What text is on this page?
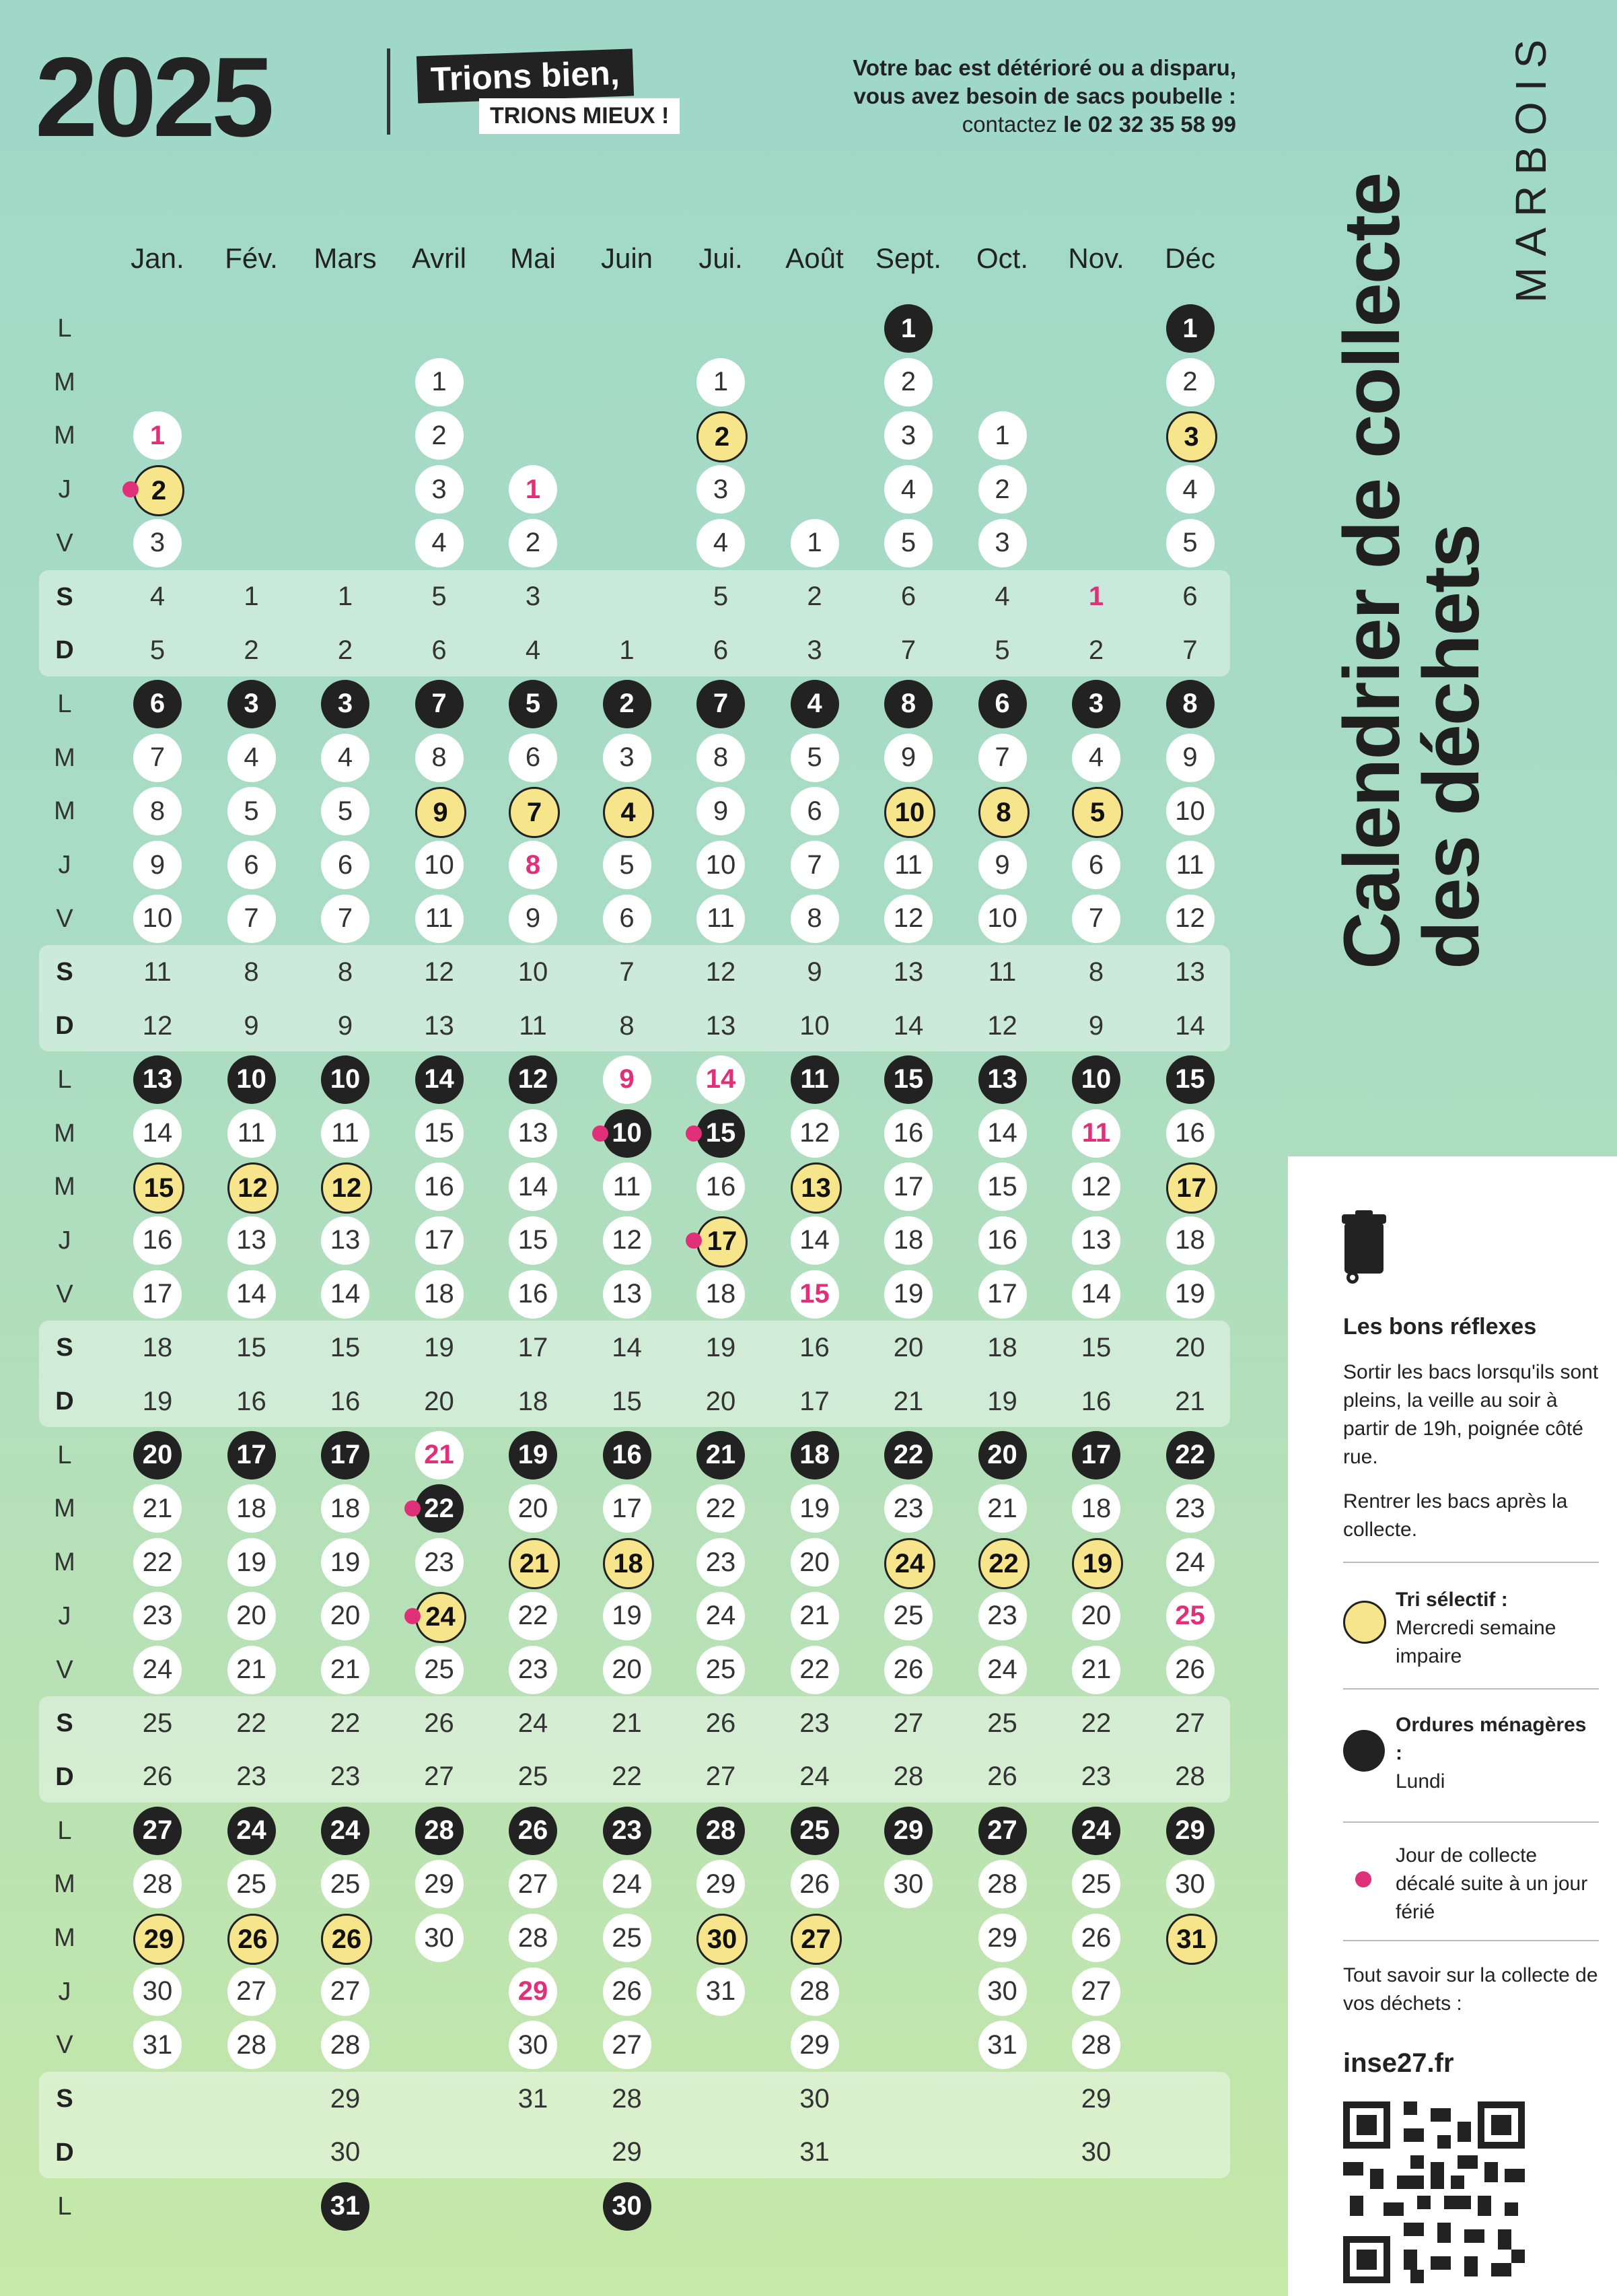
2025	Trions bien,
TRIONS MIEUX !
Votre bac est détérioré ou a disparu,
vous avez besoin de sacs poubelle :
contactez le 02 32 35 58 99
Calendrier de collecte
des déchets
MARBOIS
L
M
M
J
V
S
D
L
M
M
J
V
S
D
L
M
M
J
V
S
D
L
M
M
J
V
S
D
L
M
M
J
V
S
D
L
Jan.
1
2
3
4
5
6
7
8
9
10
11
12
13
14
15
16
17
18
19
20
21
22
23
24
25
26
27
28
29
30
31
Fév.
1
2
3
4
5
6
7
8
9
10
11
12
13
14
15
16
17
18
19
20
21
22
23
24
25
26
27
28
Mars
1
2
3
4
5
6
7
8
9
10
11
12
13
14
15
16
17
18
19
20
21
22
23
24
25
26
27
28
29
30
31
Avril
1
2
3
4
5
6
7
8
9
10
11
12
13
14
15
16
17
18
19
20
21
22
23
24
25
26
27
28
29
30
Mai
1
2
3
4
5
6
7
8
9
10
11
12
13
14
15
16
17
18
19
20
21
22
23
24
25
26
27
28
29
30
31
Juin
1
2
3
4
5
6
7
8
9
10
11
12
13
14
15
16
17
18
19
20
21
22
23
24
25
26
27
28
29
30
Jui.
1
2
3
4
5
6
7
8
9
10
11
12
13
14
15
16
17
18
19
20
21
22
23
24
25
26
27
28
29
30
31
Août
1
2
3
4
5
6
7
8
9
10
11
12
13
14
15
16
17
18
19
20
21
22
23
24
25
26
27
28
29
30
31
Sept.
1
2
3
4
5
6
7
8
9
10
11
12
13
14
15
16
17
18
19
20
21
22
23
24
25
26
27
28
29
30
Oct.
1
2
3
4
5
6
7
8
9
10
11
12
13
14
15
16
17
18
19
20
21
22
23
24
25
26
27
28
29
30
31
Nov.
1
2
3
4
5
6
7
8
9
10
11
12
13
14
15
16
17
18
19
20
21
22
23
24
25
26
27
28
29
30
Déc
1
2
3
4
5
6
7
8
9
10
11
12
13
14
15
16
17
18
19
20
21
22
23
24
25
26
27
28
29
30
31
Les bons réflexes
Sortir les bacs lorsqu'ils sont pleins, la veille au soir à partir de 19h, poignée côté rue.
Rentrer les bacs après la collecte.
Tri sélectif :
Mercredi semaine impaire
Ordures ménagères :
Lundi
Jour de collecte décalé suite à un jour férié
Tout savoir sur la collecte de vos déchets :
inse27.fr
